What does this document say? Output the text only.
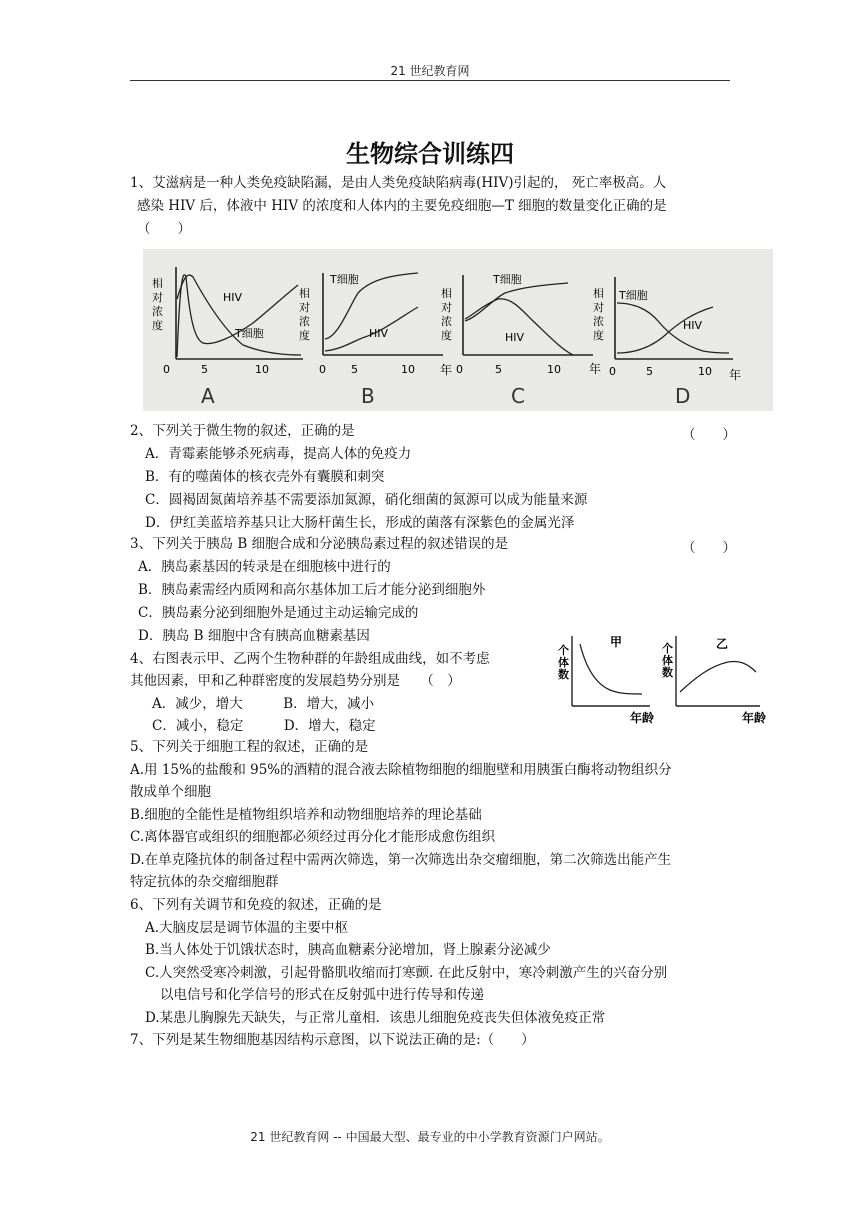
21 世纪教育网
生物综合训练四
1、艾滋病是一种人类免疫缺陷漏，是由人类免疫缺陷病毒(HIV)引起的， 死亡率极高。人
感染 HIV 后，体液中 HIV 的浓度和人体内的主要免疫细胞—T 细胞的数量变化正确的是
（　　）
相
对
浓
度
HIV
T细胞
0	5	10
A
年
相
对
浓
度
T细胞
HIV
0 5	10
B
年
相
对
浓
度
T细胞
HIV
0	5	10
C
年
相
对
浓
度
T细胞
HIV
0	5	10
D
2、下列关于微生物的叙述，正确的是	（　　）
A．青霉素能够杀死病毒，提高人体的免疫力
B．有的噬菌体的核衣壳外有囊膜和刺突
C．圆褐固氮菌培养基不需要添加氮源，硝化细菌的氮源可以成为能量来源
D．伊红美蓝培养基只让大肠杆菌生长，形成的菌落有深紫色的金属光泽
3、下列关于胰岛 B 细胞合成和分泌胰岛素过程的叙述错误的是	（　　）
A．胰岛素基因的转录是在细胞核中进行的
B．胰岛素需经内质网和高尔基体加工后才能分泌到细胞外
C．胰岛素分泌到细胞外是通过主动运输完成的
D．胰岛 B 细胞中含有胰高血糖素基因
4、右图表示甲、乙两个生物种群的年龄组成曲线，如不考虑
其他因素，甲和乙种群密度的发展趋势分别是　　（　）
A．减少，增大　　　B．增大，减小
C．减小，稳定　　　D．增大，稳定
个
体
数
甲
年龄
个
体
数
乙
年龄
5、下列关于细胞工程的叙述，正确的是
A.用 15%的盐酸和 95%的酒精的混合液去除植物细胞的细胞壁和用胰蛋白酶将动物组织分
散成单个细胞
B.细胞的全能性是植物组织培养和动物细胞培养的理论基础
C.离体器官或组织的细胞都必须经过再分化才能形成愈伤组织
D.在单克隆抗体的制备过程中需两次筛选，第一次筛选出杂交瘤细胞，第二次筛选出能产生
特定抗体的杂交瘤细胞群
6、下列有关调节和免疫的叙述，正确的是
A.大脑皮层是调节体温的主要中枢
B.当人体处于饥饿状态时，胰高血糖素分泌增加，肾上腺素分泌减少
C.人突然受寒冷刺激，引起骨骼肌收缩而打寒颤. 在此反射中，寒冷刺激产生的兴奋分别
以电信号和化学信号的形式在反射弧中进行传导和传递
D.某患儿胸腺先天缺失，与正常儿童相．该患儿细胞免疫丧失但体液免疫正常
7、下列是某生物细胞基因结构示意图，以下说法正确的是:（　　）
21 世纪教育网 -- 中国最大型、最专业的中小学教育资源门户网站。
